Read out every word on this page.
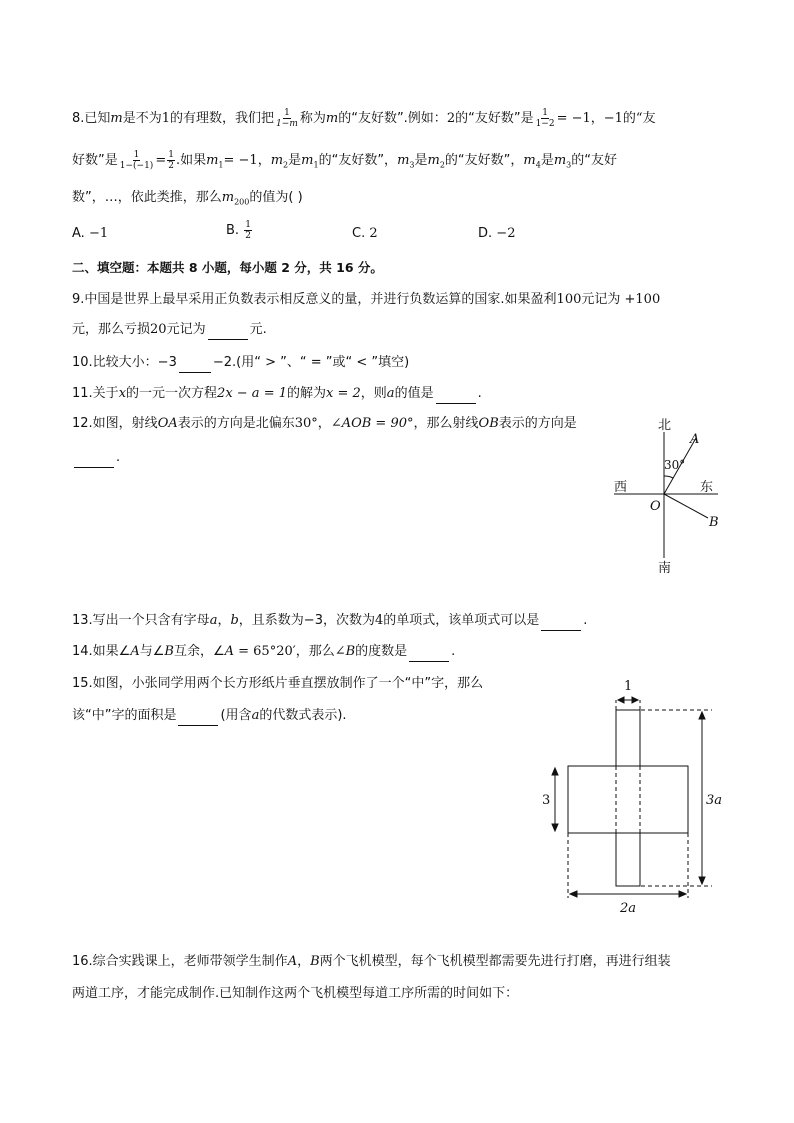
8.已知m是不为1的有理数，我们把 $\frac{1}{1-m}$ 称为m的“友好数”.例如：2的“友好数”是 $\frac{1}{1-2} = -1$，−1的“友
好数”是 $\frac{1}{1-(-1)} = \frac{1}{2}$ .如果$m_1= -1$，$m_2$是$m_1$的“友好数”，$m_3$是$m_2$的“友好数”，$m_4$是$m_3$的“友好
数”，…，依此类推，那么$m_{200}$的值为( )
A. −1	B. $\frac{1}{2}$	C. 2	D. −2
二、填空题：本题共 8 小题，每小题 2 分，共 16 分。
9.中国是世界上最早采用正负数表示相反意义的量，并进行负数运算的国家.如果盈利100元记为 +100
元，那么亏损20元记为	元.
10.比较大小：−3	−2.(用“ > ”、“ = ”或“ < ”填空)
11.关于x的一元一次方程2x − a = 1的解为x = 2，则a的值是	.
12.如图，射线OA表示的方向是北偏东30°，∠AOB = 90°，那么射线OB表示的方向是
.
北
南
西	东
A
B
O
30°
13.写出一个只含有字母a，b，且系数为−3，次数为4的单项式，该单项式可以是	.
14.如果∠A与∠B互余，∠A = 65°20′，那么∠B的度数是	.
15.如图，小张同学用两个长方形纸片垂直摆放制作了一个“中”字，那么
该“中”字的面积是	(用含a的代数式表示).
1
3	3a
2a
16.综合实践课上，老师带领学生制作A，B两个飞机模型，每个飞机模型都需要先进行打磨，再进行组装
两道工序，才能完成制作.已知制作这两个飞机模型每道工序所需的时间如下：
